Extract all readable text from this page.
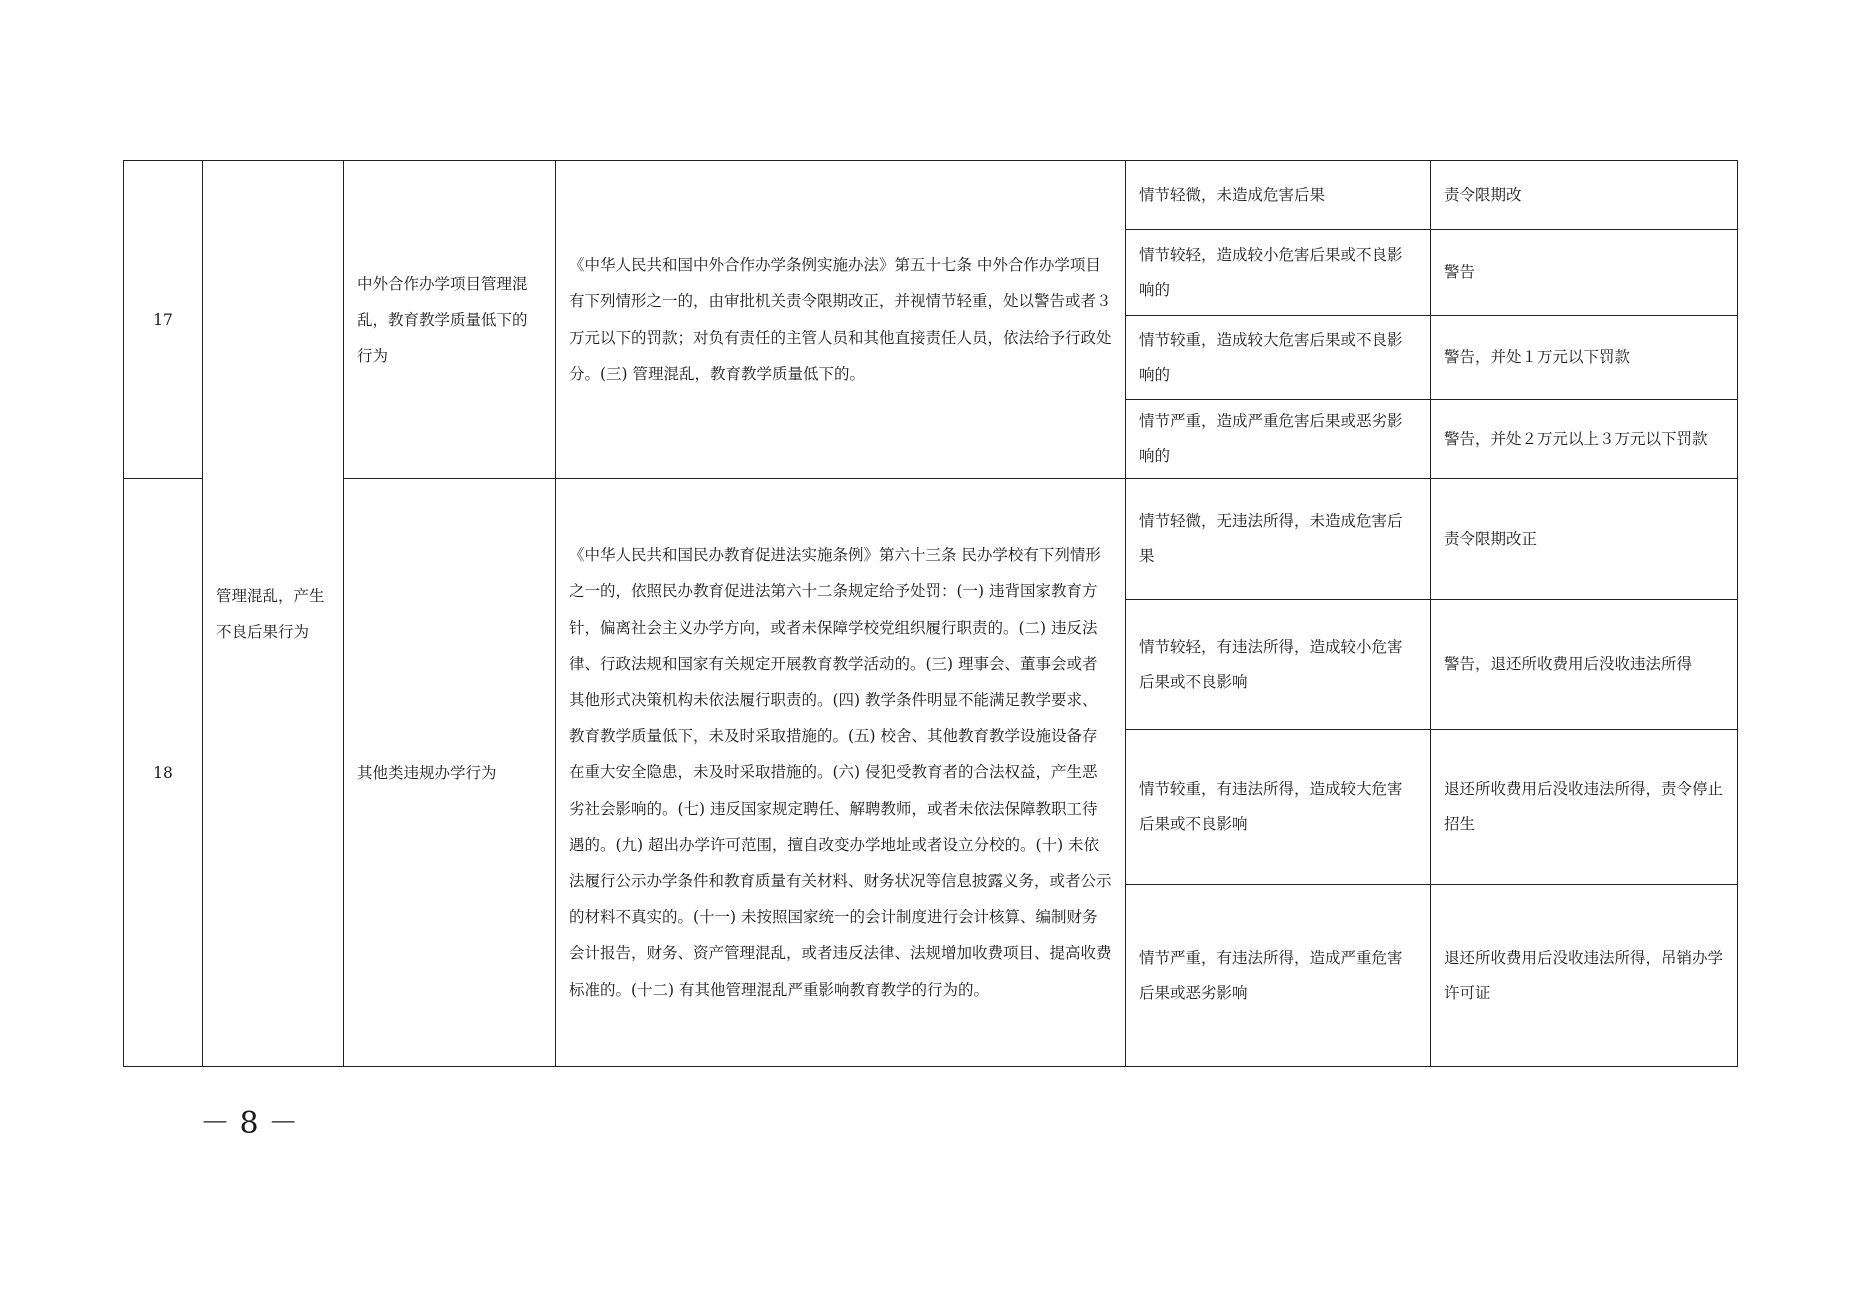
17	管理混乱，产生不良后果行为	中外合作办学项目管理混乱，教育教学质量低下的行为	《中华人民共和国中外合作办学条例实施办法》第五十七条 中外合作办学项目有下列情形之一的，由审批机关责令限期改正，并视情节轻重，处以警告或者３万元以下的罚款；对负有责任的主管人员和其他直接责任人员，依法给予行政处分。(三) 管理混乱，教育教学质量低下的。	情节轻微，未造成危害后果	责令限期改
				情节较轻，造成较小危害后果或不良影响的	警告
				情节较重，造成较大危害后果或不良影响的	警告，并处１万元以下罚款
				情节严重，造成严重危害后果或恶劣影响的	警告，并处２万元以上３万元以下罚款
18		其他类违规办学行为	《中华人民共和国民办教育促进法实施条例》第六十三条 民办学校有下列情形之一的，依照民办教育促进法第六十二条规定给予处罚：(一) 违背国家教育方针，偏离社会主义办学方向，或者未保障学校党组织履行职责的。(二) 违反法律、行政法规和国家有关规定开展教育教学活动的。(三) 理事会、董事会或者其他形式决策机构未依法履行职责的。(四) 教学条件明显不能满足教学要求、教育教学质量低下，未及时采取措施的。(五) 校舍、其他教育教学设施设备存在重大安全隐患，未及时采取措施的。(六) 侵犯受教育者的合法权益，产生恶劣社会影响的。(七) 违反国家规定聘任、解聘教师，或者未依法保障教职工待遇的。(九) 超出办学许可范围，擅自改变办学地址或者设立分校的。(十) 未依法履行公示办学条件和教育质量有关材料、财务状况等信息披露义务，或者公示的材料不真实的。(十一) 未按照国家统一的会计制度进行会计核算、编制财务会计报告，财务、资产管理混乱，或者违反法律、法规增加收费项目、提高收费标准的。(十二) 有其他管理混乱严重影响教育教学的行为的。	情节轻微，无违法所得，未造成危害后果	责令限期改正
				情节较轻，有违法所得，造成较小危害后果或不良影响	警告，退还所收费用后没收违法所得
				情节较重，有违法所得，造成较大危害后果或不良影响	退还所收费用后没收违法所得，责令停止招生
				情节严重，有违法所得，造成严重危害后果或恶劣影响	退还所收费用后没收违法所得，吊销办学许可证
－ 8 －
